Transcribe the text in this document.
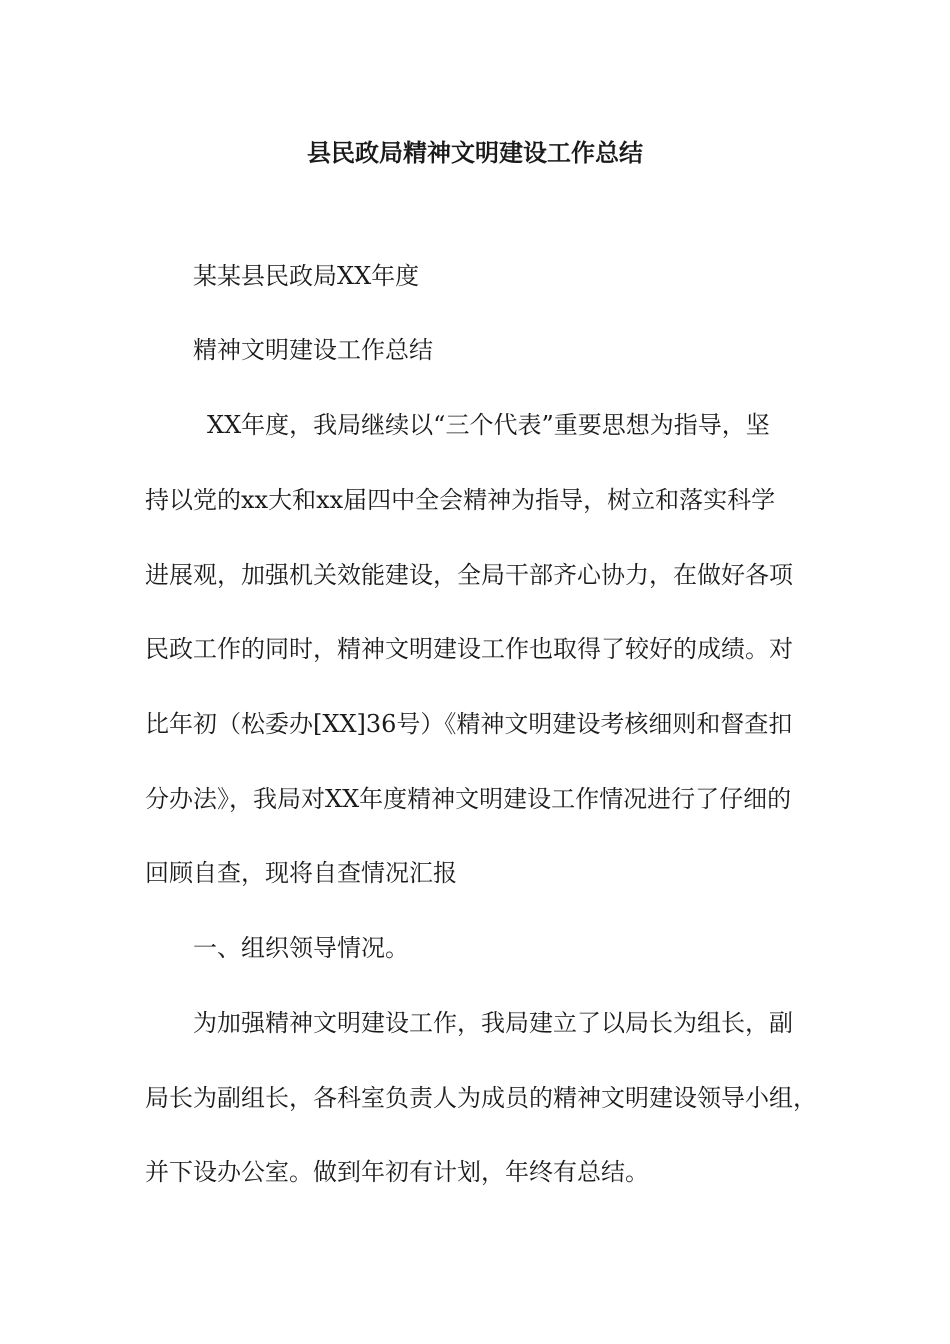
县民政局精神文明建设工作总结
某某县民政局XX年度
精神文明建设工作总结
XX年度，我局继续以“三个代表”重要思想为指导，坚
持以党的xx大和xx届四中全会精神为指导，树立和落实科学
进展观，加强机关效能建设，全局干部齐心协力，在做好各项
民政工作的同时，精神文明建设工作也取得了较好的成绩。对
比年初（松委办[XX]36号）《精神文明建设考核细则和督查扣
分办法》，我局对XX年度精神文明建设工作情况进行了仔细的
回顾自查，现将自查情况汇报
一、组织领导情况。
为加强精神文明建设工作，我局建立了以局长为组长，副
局长为副组长，各科室负责人为成员的精神文明建设领导小组，
并下设办公室。做到年初有计划，年终有总结。
